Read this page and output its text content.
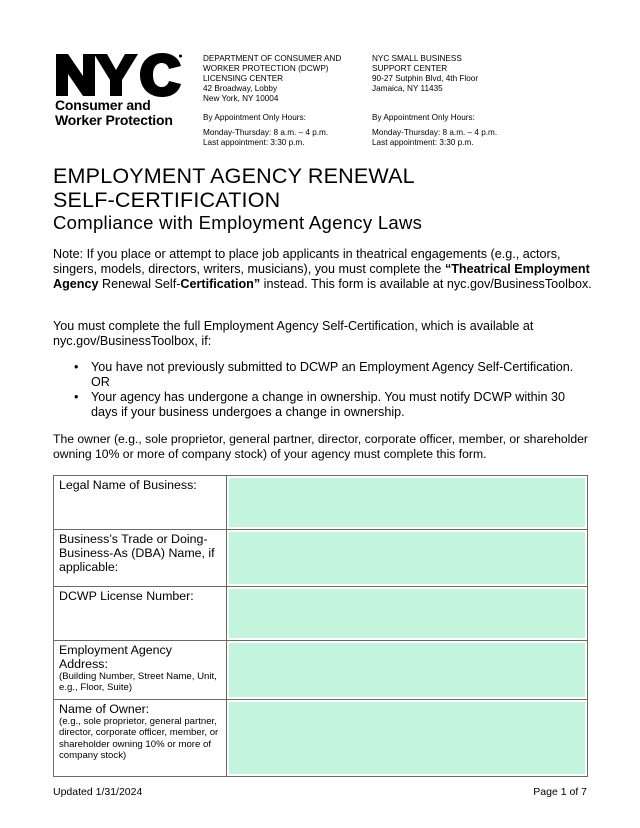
Consumer and
Worker Protection
DEPARTMENT OF CONSUMER AND
WORKER PROTECTION (DCWP)
LICENSING CENTER
42 Broadway, Lobby
New York, NY 10004
By Appointment Only Hours:
Monday-Thursday: 8 a.m. – 4 p.m.
Last appointment: 3:30 p.m.
NYC SMALL BUSINESS
SUPPORT CENTER
90-27 Sutphin Blvd, 4th Floor
Jamaica, NY 11435
By Appointment Only Hours:
Monday-Thursday: 8 a.m. – 4 p.m.
Last appointment: 3:30 p.m.
EMPLOYMENT AGENCY RENEWAL
SELF-CERTIFICATION
Compliance with Employment Agency Laws
Note: If you place or attempt to place job applicants in theatrical engagements (e.g., actors, singers, models, directors, writers, musicians), you must complete the “Theatrical Employment Agency Renewal Self-Certification” instead. This form is available at nyc.gov/BusinessToolbox.
You must complete the full Employment Agency Self-Certification, which is available at nyc.gov/BusinessToolbox, if:
• You have not previously submitted to DCWP an Employment Agency Self-Certification. OR
• Your agency has undergone a change in ownership. You must notify DCWP within 30 days if your business undergoes a change in ownership.
The owner (e.g., sole proprietor, general partner, director, corporate officer, member, or shareholder owning 10% or more of company stock) of your agency must complete this form.
Legal Name of Business:	

Business’s Trade or Doing-Business-As (DBA) Name, if applicable:	

DCWP License Number:	

Employment Agency Address:
(Building Number, Street Name, Unit, e.g., Floor, Suite)	

Name of Owner:
(e.g., sole proprietor, general partner, director, corporate officer, member, or shareholder owning 10% or more of company stock)	

Updated 1/31/2024	Page 1 of 7
